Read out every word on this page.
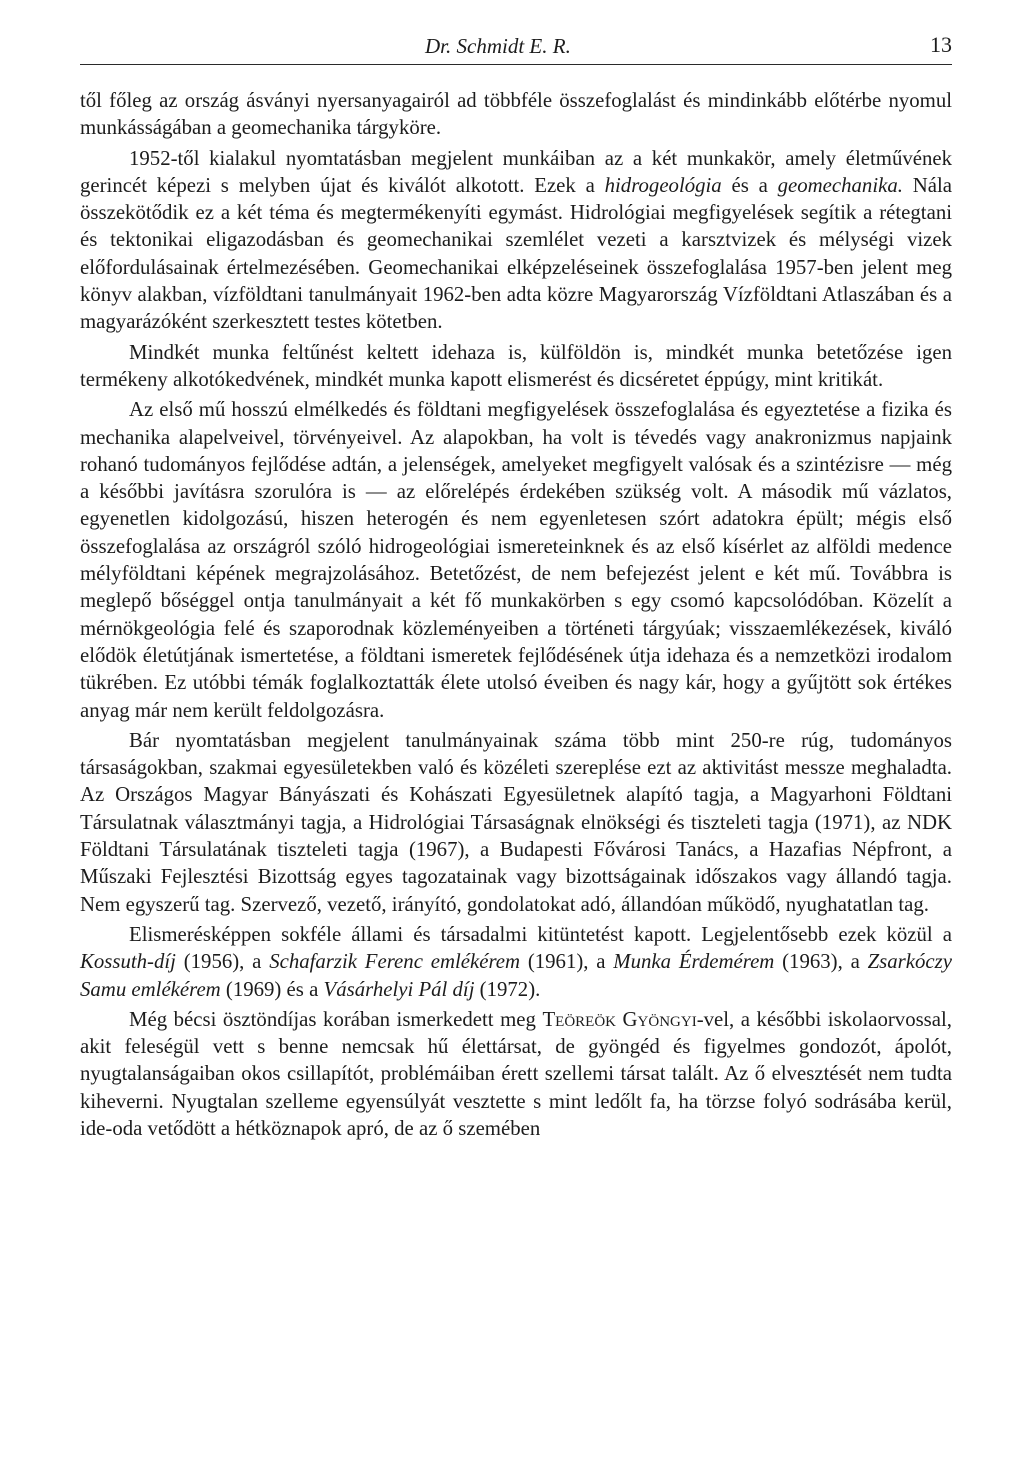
Dr. Schmidt E. R.	13

től főleg az ország ásványi nyersanyagairól ad többféle összefoglalást és mindinkább előtérbe nyomul munkásságában a geomechanika tárgyköre.

1952-től kialakul nyomtatásban megjelent munkáiban az a két munkakör, amely életművének gerincét képezi s melyben újat és kiválót alkotott. Ezek a hidrogeológia és a geomechanika. Nála összekötődik ez a két téma és megtermékenyíti egymást. Hidrológiai megfigyelések segítik a rétegtani és tektonikai eligazodásban és geomechanikai szemlélet vezeti a karsztvizek és mélységi vizek előfordulásainak értelmezésében. Geomechanikai elképzeléseinek összefoglalása 1957-ben jelent meg könyv alakban, vízföldtani tanulmányait 1962-ben adta közre Magyarország Vízföldtani Atlaszában és a magyarázóként szerkesztett testes kötetben.

Mindkét munka feltűnést keltett idehaza is, külföldön is, mindkét munka betetőzése igen termékeny alkotókedvének, mindkét munka kapott elismerést és dicséretet éppúgy, mint kritikát.

Az első mű hosszú elmélkedés és földtani megfigyelések összefoglalása és egyeztetése a fizika és mechanika alapelveivel, törvényeivel. Az alapokban, ha volt is tévedés vagy anakronizmus napjaink rohanó tudományos fejlődése adtán, a jelenségek, amelyeket megfigyelt valósak és a szintézisre — még a későbbi javításra szorulóra is — az előrelépés érdekében szükség volt. A második mű vázlatos, egyenetlen kidolgozású, hiszen heterogén és nem egyenletesen szórt adatokra épült; mégis első összefoglalása az országról szóló hidrogeológiai ismereteinknek és az első kísérlet az alföldi medence mélyföldtani képének megrajzolásához. Betetőzést, de nem befejezést jelent e két mű. Továbbra is meglepő bőséggel ontja tanulmányait a két fő munkakörben s egy csomó kapcsolódóban. Közelít a mérnökgeológia felé és szaporodnak közleményeiben a történeti tárgyúak; visszaemlékezések, kiváló elődök életútjának ismertetése, a földtani ismeretek fejlődésének útja idehaza és a nemzetközi irodalom tükrében. Ez utóbbi témák foglalkoztatták élete utolsó éveiben és nagy kár, hogy a gyűjtött sok értékes anyag már nem került feldolgozásra.

Bár nyomtatásban megjelent tanulmányainak száma több mint 250-re rúg, tudományos társaságokban, szakmai egyesületekben való és közéleti szereplése ezt az aktivitást messze meghaladta. Az Országos Magyar Bányászati és Kohászati Egyesületnek alapító tagja, a Magyarhoni Földtani Társulatnak választmányi tagja, a Hidrológiai Társaságnak elnökségi és tiszteleti tagja (1971), az NDK Földtani Társulatának tiszteleti tagja (1967), a Budapesti Fővárosi Tanács, a Hazafias Népfront, a Műszaki Fejlesztési Bizottság egyes tagozatainak vagy bizottságainak időszakos vagy állandó tagja. Nem egyszerű tag. Szervező, vezető, irányító, gondolatokat adó, állandóan működő, nyughatatlan tag.

Elismerésképpen sokféle állami és társadalmi kitüntetést kapott. Legjelentősebb ezek közül a Kossuth-díj (1956), a Schafarzik Ferenc emlékérem (1961), a Munka Érdemérem (1963), a Zsarkóczy Samu emlékérem (1969) és a Vásárhelyi Pál díj (1972).

Még bécsi ösztöndíjas korában ismerkedett meg Teöreök Gyöngyi-vel, a későbbi iskolaorvossal, akit feleségül vett s benne nemcsak hű élettársat, de gyöngéd és figyelmes gondozót, ápolót, nyugtalanságaiban okos csillapítót, problémáiban érett szellemi társat talált. Az ő elvesztését nem tudta kiheverni. Nyugtalan szelleme egyensúlyát vesztette s mint ledőlt fa, ha törzse folyó sodrásába kerül, ide-oda vetődött a hétköznapok apró, de az ő szemében
